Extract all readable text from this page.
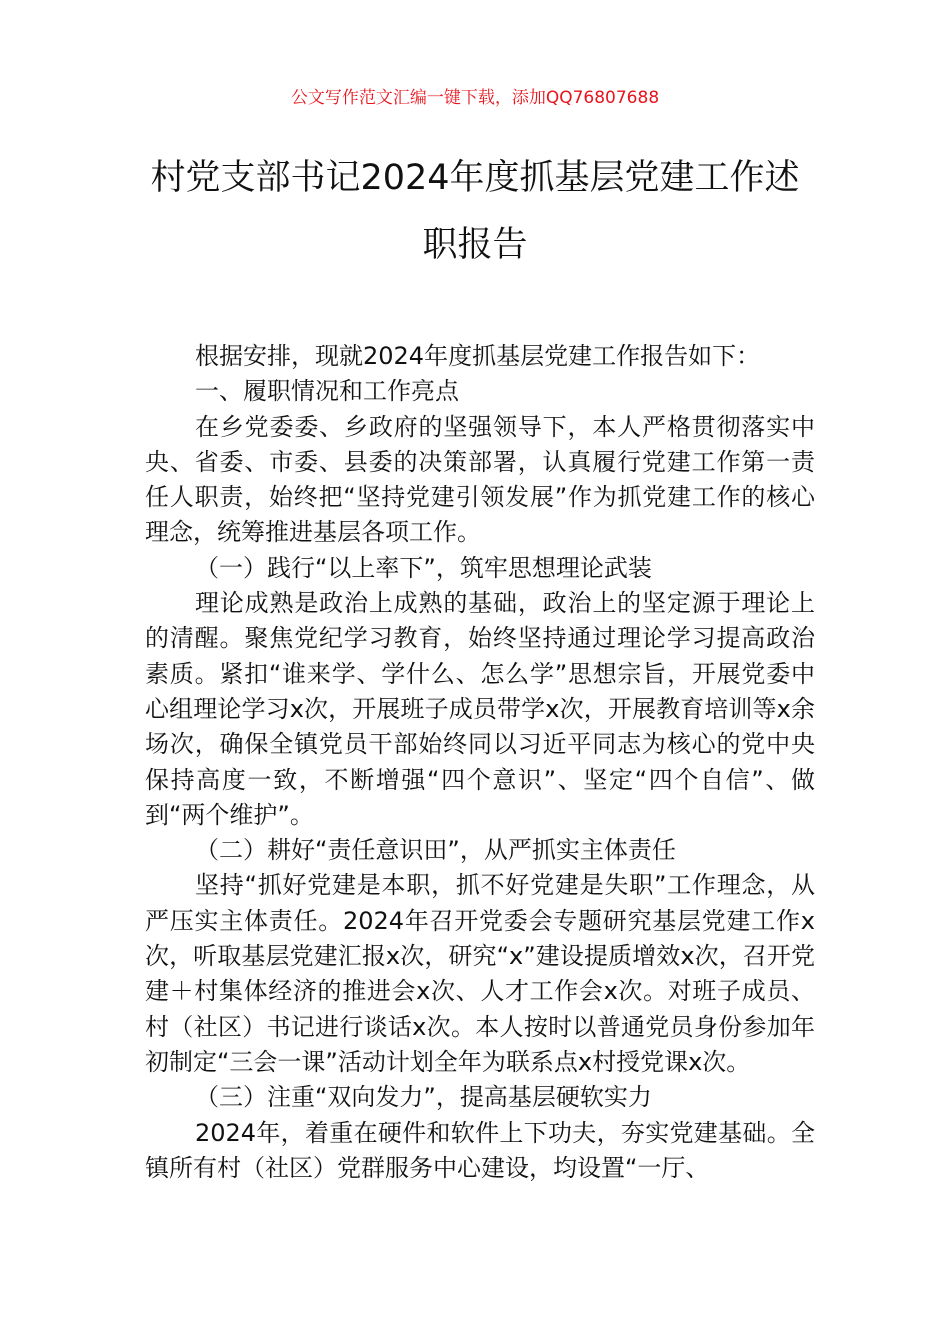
公文写作范文汇编一键下载，添加QQ76807688
村党支部书记2024年度抓基层党建工作述
职报告

根据安排，现就2024年度抓基层党建工作报告如下：

一、履职情况和工作亮点

在乡党委委、乡政府的坚强领导下，本人严格贯彻落实中央、省委、市委、县委的决策部署，认真履行党建工作第一责任人职责，始终把“坚持党建引领发展”作为抓党建工作的核心理念，统筹推进基层各项工作。

（一）践行“以上率下”，筑牢思想理论武装

理论成熟是政治上成熟的基础，政治上的坚定源于理论上的清醒。聚焦党纪学习教育，始终坚持通过理论学习提高政治素质。紧扣“谁来学、学什么、怎么学”思想宗旨，开展党委中心组理论学习x次，开展班子成员带学x次，开展教育培训等x余场次，确保全镇党员干部始终同以习近平同志为核心的党中央保持高度一致，不断增强“四个意识”、坚定“四个自信”、做到“两个维护”。

（二）耕好“责任意识田”，从严抓实主体责任

坚持“抓好党建是本职，抓不好党建是失职”工作理念，从严压实主体责任。2024年召开党委会专题研究基层党建工作x次，听取基层党建汇报x次，研究“x”建设提质增效x次，召开党建＋村集体经济的推进会x次、人才工作会x次。对班子成员、村（社区）书记进行谈话x次。本人按时以普通党员身份参加年初制定“三会一课”活动计划全年为联系点x村授党课x次。

（三）注重“双向发力”，提高基层硬软实力

2024年，着重在硬件和软件上下功夫，夯实党建基础。全镇所有村（社区）党群服务中心建设，均设置“一厅、
